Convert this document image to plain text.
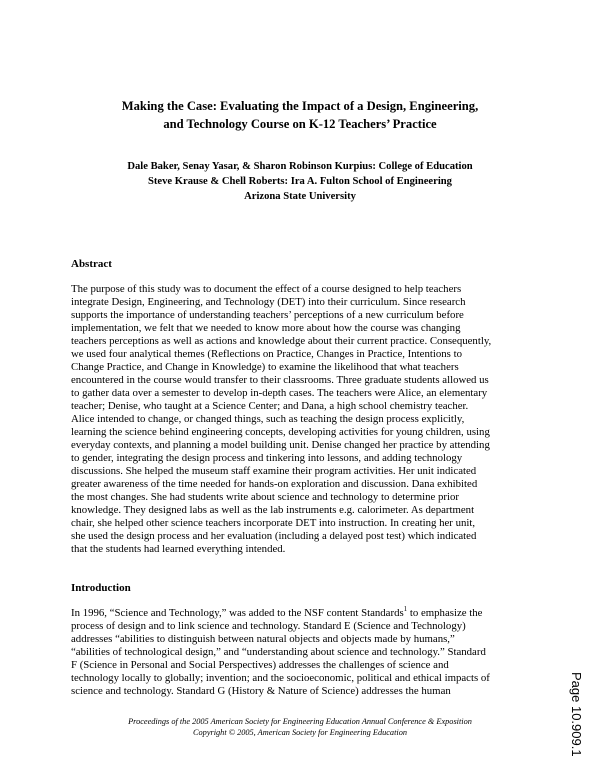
Making the Case: Evaluating the Impact of a Design, Engineering,
and Technology Course on K-12 Teachers’ Practice
Dale Baker, Senay Yasar, & Sharon Robinson Kurpius: College of Education
Steve Krause & Chell Roberts: Ira A. Fulton School of Engineering
Arizona State University
Abstract
The purpose of this study was to document the effect of a course designed to help teachers
integrate Design, Engineering, and Technology (DET) into their curriculum. Since research
supports the importance of understanding teachers’ perceptions of a new curriculum before
implementation, we felt that we needed to know more about how the course was changing
teachers perceptions as well as actions and knowledge about their current practice. Consequently,
we used four analytical themes (Reflections on Practice, Changes in Practice, Intentions to
Change Practice, and Change in Knowledge) to examine the likelihood that what teachers
encountered in the course would transfer to their classrooms. Three graduate students allowed us
to gather data over a semester to develop in-depth cases. The teachers were Alice, an elementary
teacher; Denise, who taught at a Science Center; and Dana, a high school chemistry teacher.
Alice intended to change, or changed things, such as teaching the design process explicitly,
learning the science behind engineering concepts, developing activities for young children, using
everyday contexts, and planning a model building unit. Denise changed her practice by attending
to gender, integrating the design process and tinkering into lessons, and adding technology
discussions. She helped the museum staff examine their program activities. Her unit indicated
greater awareness of the time needed for hands-on exploration and discussion. Dana exhibited
the most changes. She had students write about science and technology to determine prior
knowledge. They designed labs as well as the lab instruments e.g. calorimeter. As department
chair, she helped other science teachers incorporate DET into instruction. In creating her unit,
she used the design process and her evaluation (including a delayed post test) which indicated
that the students had learned everything intended.
Introduction
In 1996, “Science and Technology,” was added to the NSF content Standards$^1$ to emphasize the
process of design and to link science and technology. Standard E (Science and Technology)
addresses “abilities to distinguish between natural objects and objects made by humans,”
“abilities of technological design,” and “understanding about science and technology.” Standard
F (Science in Personal and Social Perspectives) addresses the challenges of science and
technology locally to globally; invention; and the socioeconomic, political and ethical impacts of
science and technology. Standard G (History & Nature of Science) addresses the human
Proceedings of the 2005 American Society for Engineering Education Annual Conference & Exposition
Copyright © 2005, American Society for Engineering Education	Page 10.909.1
